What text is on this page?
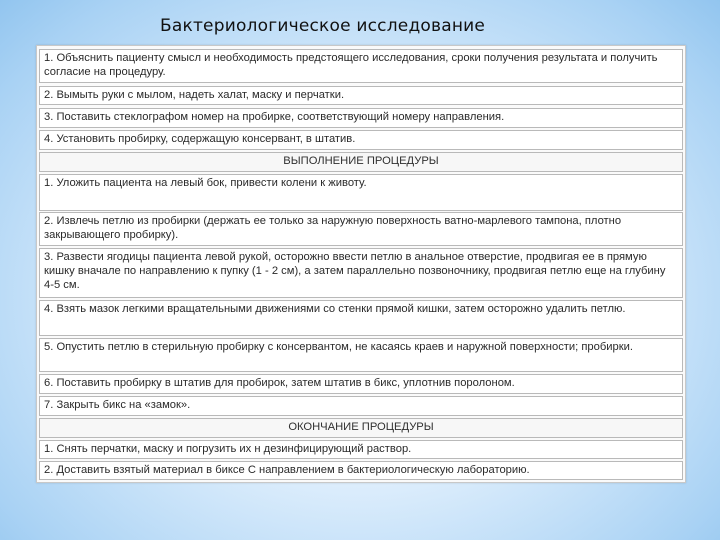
Бактериологическое исследование
1. Объяснить пациенту смысл и необходимость предстоящего исследования, сроки получения результата и получить согласие на процедуру.
2. Вымыть руки с мылом, надеть халат, маску и перчатки.
3. Поставить стеклографом номер на пробирке, соответствующий номеру направления.
4. Установить пробирку, содержащую консервант, в штатив.
ВЫПОЛНЕНИЕ ПРОЦЕДУРЫ
1. Уложить пациента на левый бок, привести колени к животу.
2. Извлечь петлю из пробирки (держать ее только за наружную поверхность ватно-марлевого тампона, плотно закрывающего пробирку).
3. Развести ягодицы пациента левой рукой, осторожно ввести петлю в анальное отверстие, продвигая ее в прямую кишку вначале по направлению к пупку (1 - 2 см), а затем параллельно позвоночнику, продвигая петлю еще на глубину 4-5 см.
4. Взять мазок легкими вращательными движениями со стенки прямой кишки, затем осторожно удалить петлю.
5. Опустить петлю в стерильную пробирку с консервантом, не касаясь краев и наружной поверхности; пробирки.
6. Поставить пробирку в штатив для пробирок, затем штатив в бикс, уплотнив поролоном.
7. Закрыть бикс на «замок».
ОКОНЧАНИЕ ПРОЦЕДУРЫ
1. Снять перчатки, маску и погрузить их н дезинфицирующий раствор.
2. Доставить взятый материал в биксе С направлением в бактериологическую лабораторию.
